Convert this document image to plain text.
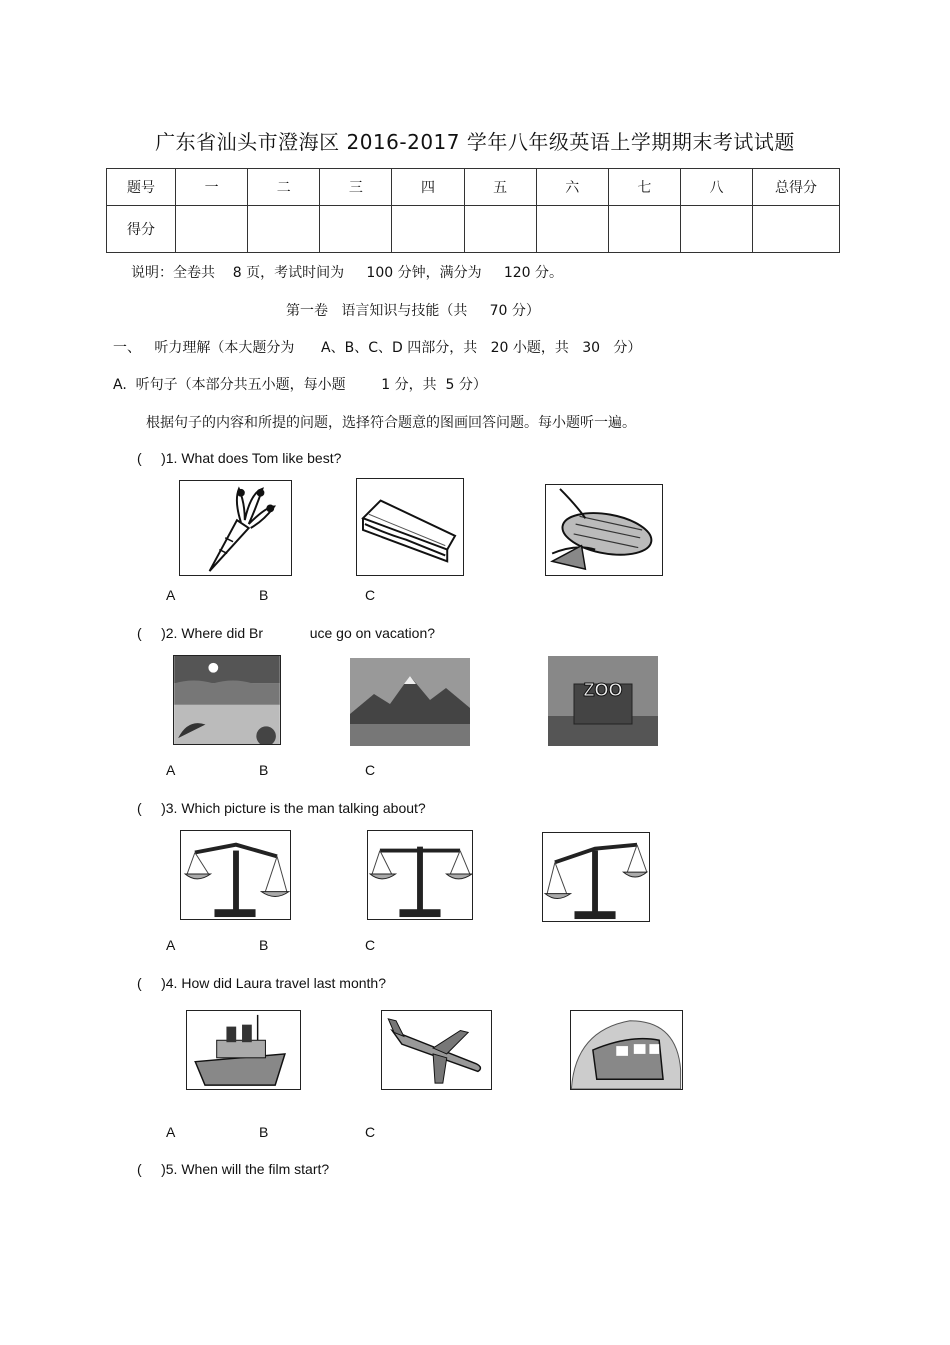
广东省汕头市澄海区 2016-2017 学年八年级英语上学期期末考试试题
题号	一	二	三	四	五	六	七	八	总得分
得分									
说明：全卷共    8 页，考试时间为     100 分钟，满分为     120 分。
第一卷   语言知识与技能（共     70 分）
一、   听力理解（本大题分为      A、B、C、D 四部分，共   20 小题，共   30   分）
A.  听句子（本部分共五小题，每小题        1 分，共  5 分）
根据句子的内容和所提的问题，选择符合题意的图画回答问题。每小题听一遍。
(     )1. What does Tom like best?
A	B	C
(     )2. Where did Br            uce go on vacation?
ZOO
A	B	C
(     )3. Which picture is the man talking about?
A	B	C
(     )4. How did Laura travel last month?
A	B	C
(     )5. When will the film start?
